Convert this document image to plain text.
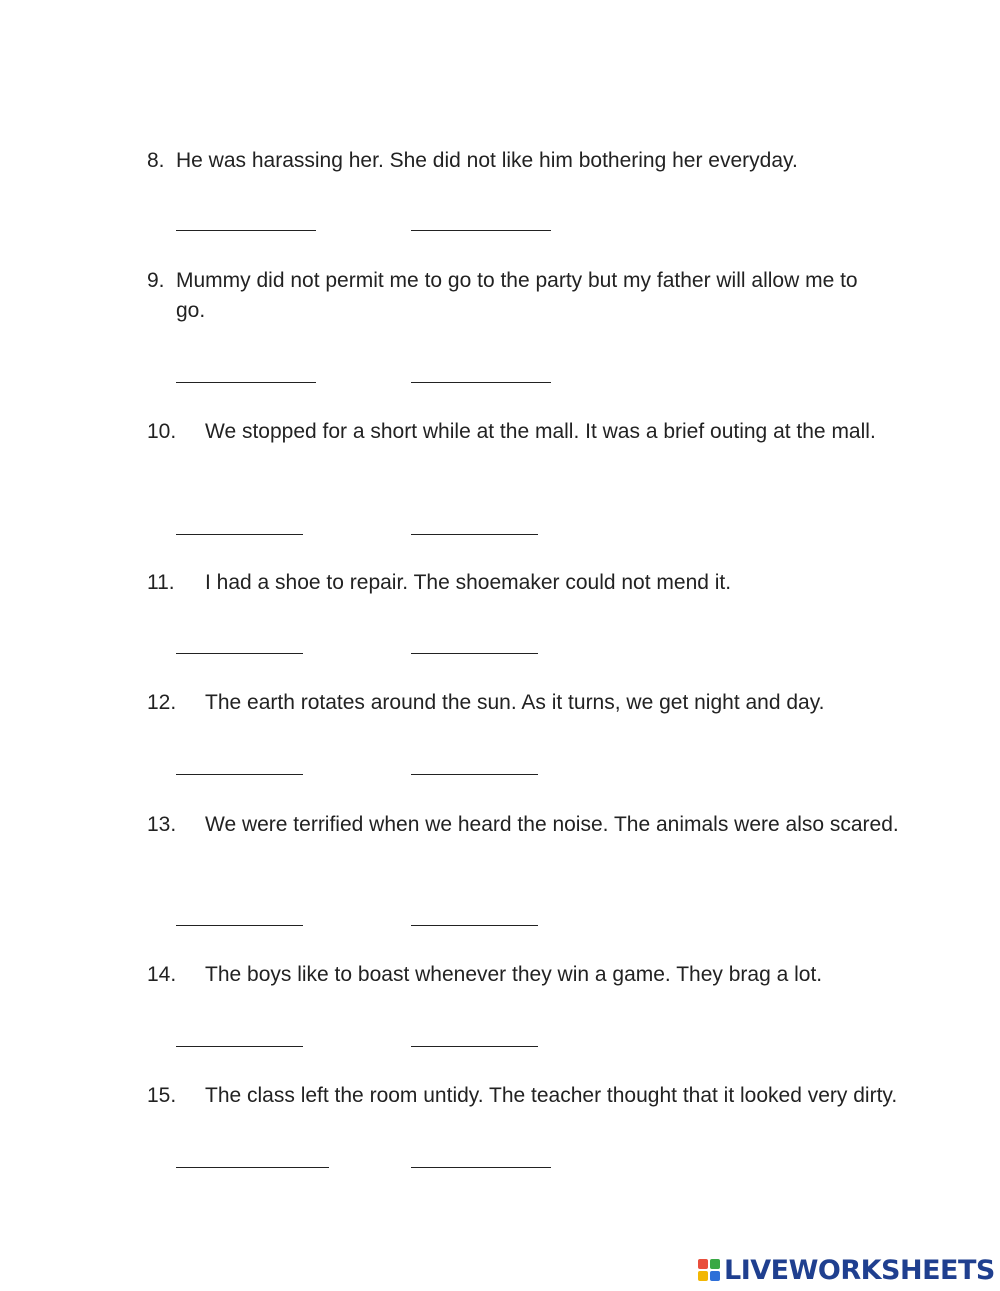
8. He was harassing her. She did not like him bothering her everyday.
9. Mummy did not permit me to go to the party but my father will allow me to go.
10.	We stopped for a short while at the mall. It was a brief outing at the mall.
11.	I had a shoe to repair. The shoemaker could not mend it.
12.	The earth rotates around the sun. As it turns, we get night and day.
13.	We were terrified when we heard the noise. The animals were also scared.
14.	The boys like to boast whenever they win a game. They brag a lot.
15.	The class left the room untidy. The teacher thought that it looked very dirty.
LIVEWORKSHEETS
